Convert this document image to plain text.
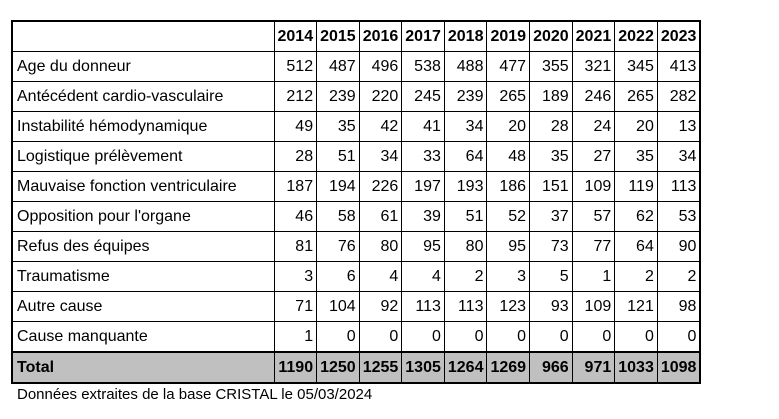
	2014	2015	2016	2017	2018	2019	2020	2021	2022	2023
Age du donneur	512	487	496	538	488	477	355	321	345	413
Antécédent cardio-vasculaire	212	239	220	245	239	265	189	246	265	282
Instabilité hémodynamique	49	35	42	41	34	20	28	24	20	13
Logistique prélèvement	28	51	34	33	64	48	35	27	35	34
Mauvaise fonction ventriculaire	187	194	226	197	193	186	151	109	119	113
Opposition pour l'organe	46	58	61	39	51	52	37	57	62	53
Refus des équipes	81	76	80	95	80	95	73	77	64	90
Traumatisme	3	6	4	4	2	3	5	1	2	2
Autre cause	71	104	92	113	113	123	93	109	121	98
Cause manquante	1	0	0	0	0	0	0	0	0	0
Total	1190	1250	1255	1305	1264	1269	966	971	1033	1098
Données extraites de la base CRISTAL le 05/03/2024
